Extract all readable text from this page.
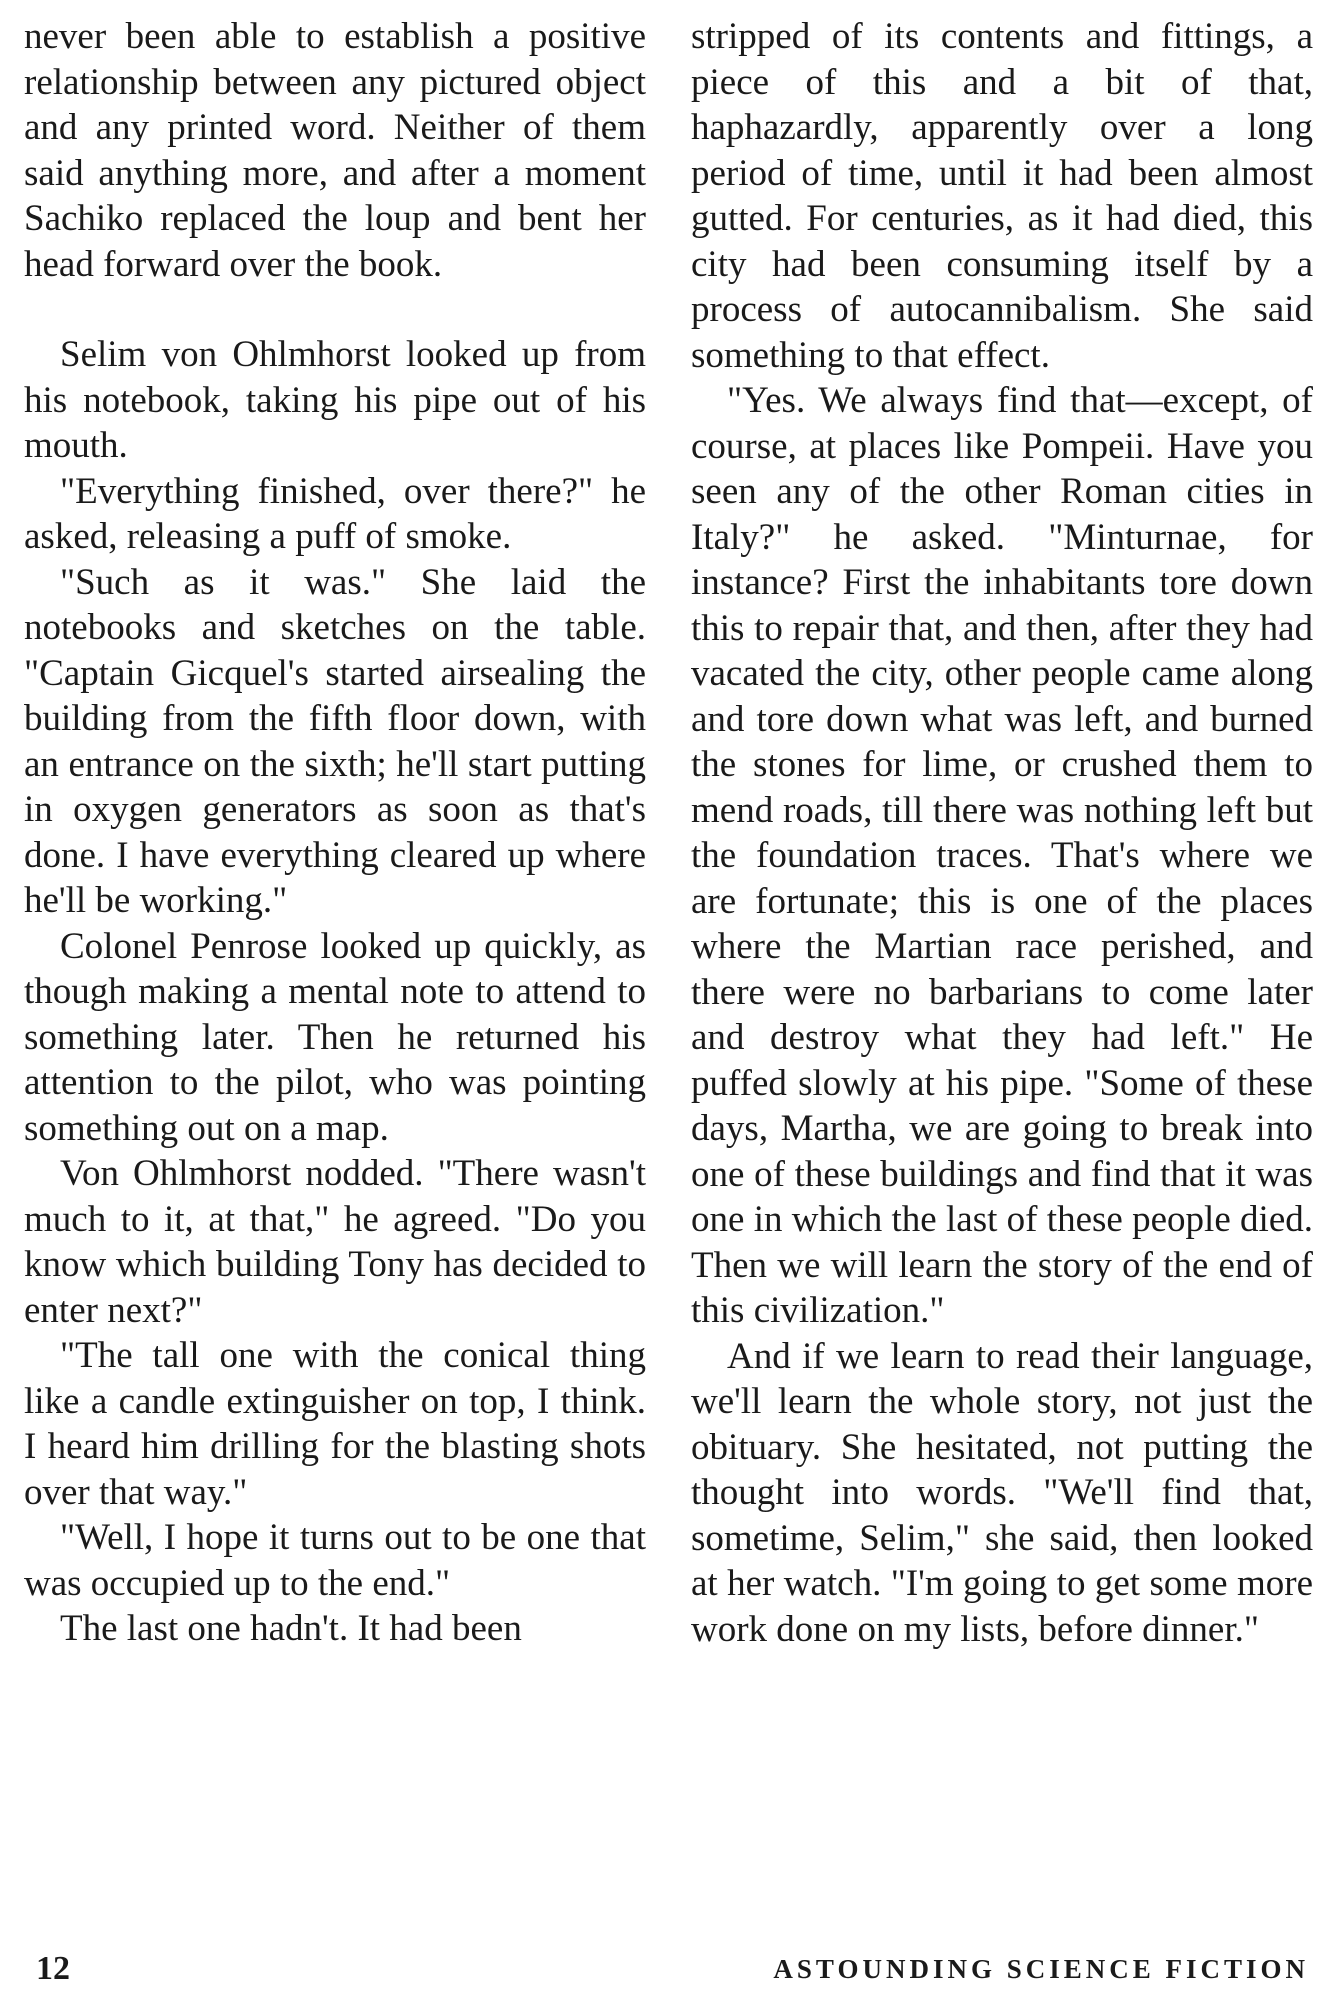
never been able to establish a positive relationship between any pictured object and any printed word. Neither of them said anything more, and after a moment Sachiko replaced the loup and bent her head forward over the book.

Selim von Ohlmhorst looked up from his notebook, taking his pipe out of his mouth.

"Everything finished, over there?" he asked, releasing a puff of smoke.

"Such as it was." She laid the notebooks and sketches on the table. "Captain Gicquel's started airsealing the building from the fifth floor down, with an entrance on the sixth; he'll start putting in oxygen generators as soon as that's done. I have everything cleared up where he'll be working."

Colonel Penrose looked up quickly, as though making a mental note to attend to something later. Then he returned his attention to the pilot, who was pointing something out on a map.

Von Ohlmhorst nodded. "There wasn't much to it, at that," he agreed. "Do you know which building Tony has decided to enter next?"

"The tall one with the conical thing like a candle extinguisher on top, I think. I heard him drilling for the blasting shots over that way."

"Well, I hope it turns out to be one that was occupied up to the end."

The last one hadn't. It had been

stripped of its contents and fittings, a piece of this and a bit of that, haphazardly, apparently over a long period of time, until it had been almost gutted. For centuries, as it had died, this city had been consuming itself by a process of autocannibalism. She said something to that effect.

"Yes. We always find that—except, of course, at places like Pompeii. Have you seen any of the other Roman cities in Italy?" he asked. "Minturnae, for instance? First the inhabitants tore down this to repair that, and then, after they had vacated the city, other people came along and tore down what was left, and burned the stones for lime, or crushed them to mend roads, till there was nothing left but the foundation traces. That's where we are fortunate; this is one of the places where the Martian race perished, and there were no barbarians to come later and destroy what they had left." He puffed slowly at his pipe. "Some of these days, Martha, we are going to break into one of these buildings and find that it was one in which the last of these people died. Then we will learn the story of the end of this civilization."

And if we learn to read their language, we'll learn the whole story, not just the obituary. She hesitated, not putting the thought into words. "We'll find that, sometime, Selim," she said, then looked at her watch. "I'm going to get some more work done on my lists, before dinner."

12	ASTOUNDING SCIENCE FICTION
